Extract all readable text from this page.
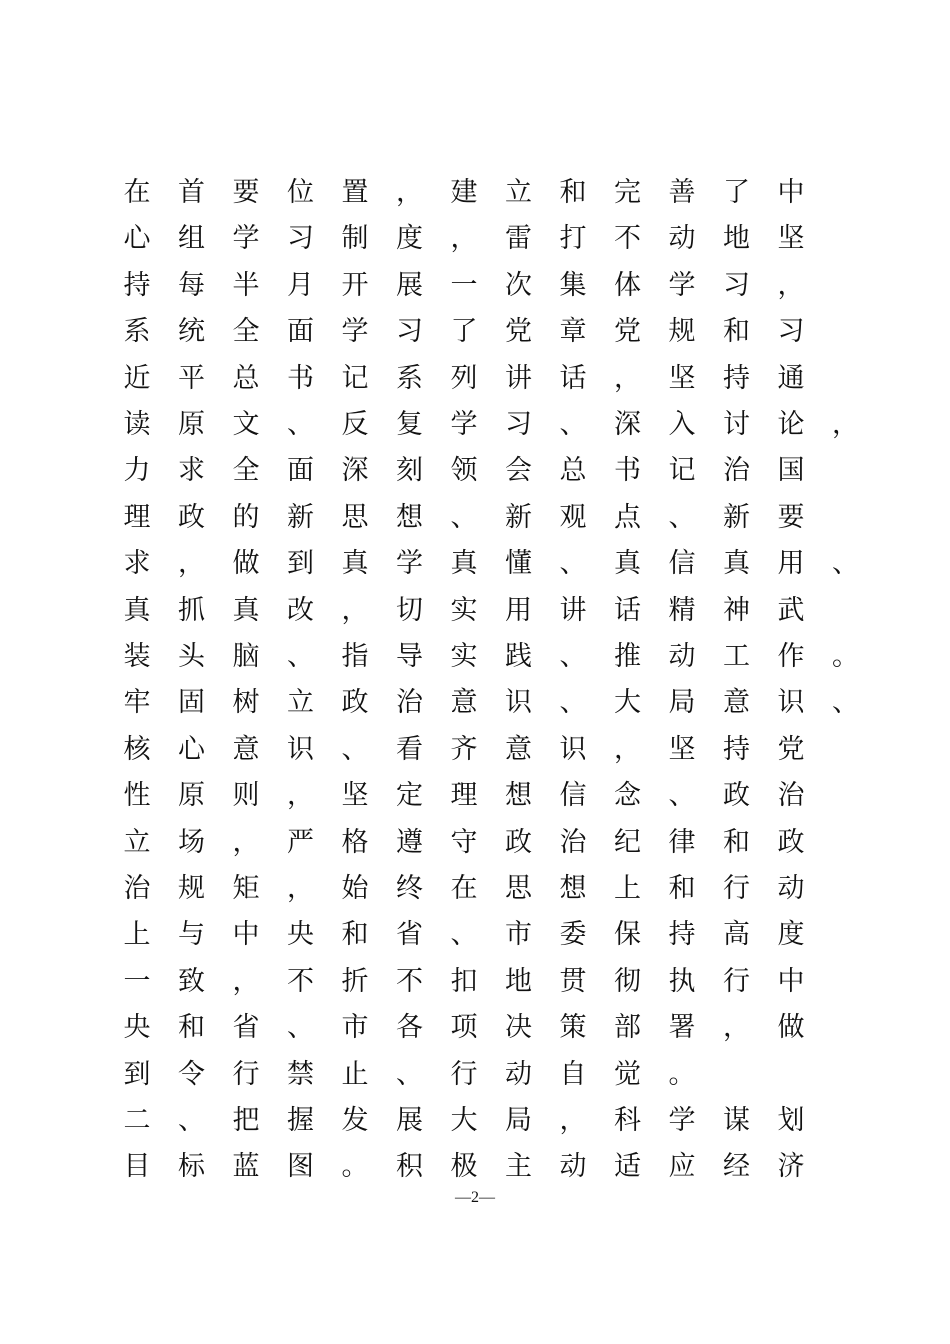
在 首 要 位 置 ， 建 立 和 完 善 了 中
心 组 学 习 制 度 ， 雷 打 不 动 地 坚
持 每 半 月 开 展 一 次 集 体 学 习 ，
系 统 全 面 学 习 了 党 章 党 规 和 习
近 平 总 书 记 系 列 讲 话 ， 坚 持 通
读 原 文 、 反 复 学 习 、 深 入 讨 论 ，
力 求 全 面 深 刻 领 会 总 书 记 治 国
理 政 的 新 思 想 、 新 观 点 、 新 要
求 ， 做 到 真 学 真 懂 、 真 信 真 用 、
真 抓 真 改 ， 切 实 用 讲 话 精 神 武
装 头 脑 、 指 导 实 践 、 推 动 工 作 。
牢 固 树 立 政 治 意 识 、 大 局 意 识 、
核 心 意 识 、 看 齐 意 识 ， 坚 持 党
性 原 则 ， 坚 定 理 想 信 念 、 政 治
立 场 ， 严 格 遵 守 政 治 纪 律 和 政
治 规 矩 ， 始 终 在 思 想 上 和 行 动
上 与 中 央 和 省 、 市 委 保 持 高 度
一 致 ， 不 折 不 扣 地 贯 彻 执 行 中
央 和 省 、 市 各 项 决 策 部 署 ， 做
到 令 行 禁 止 、 行 动 自 觉 。
二 、 把 握 发 展 大 局 ， 科 学 谋 划
目 标 蓝 图 。 积 极 主 动 适 应 经 济
—2—
